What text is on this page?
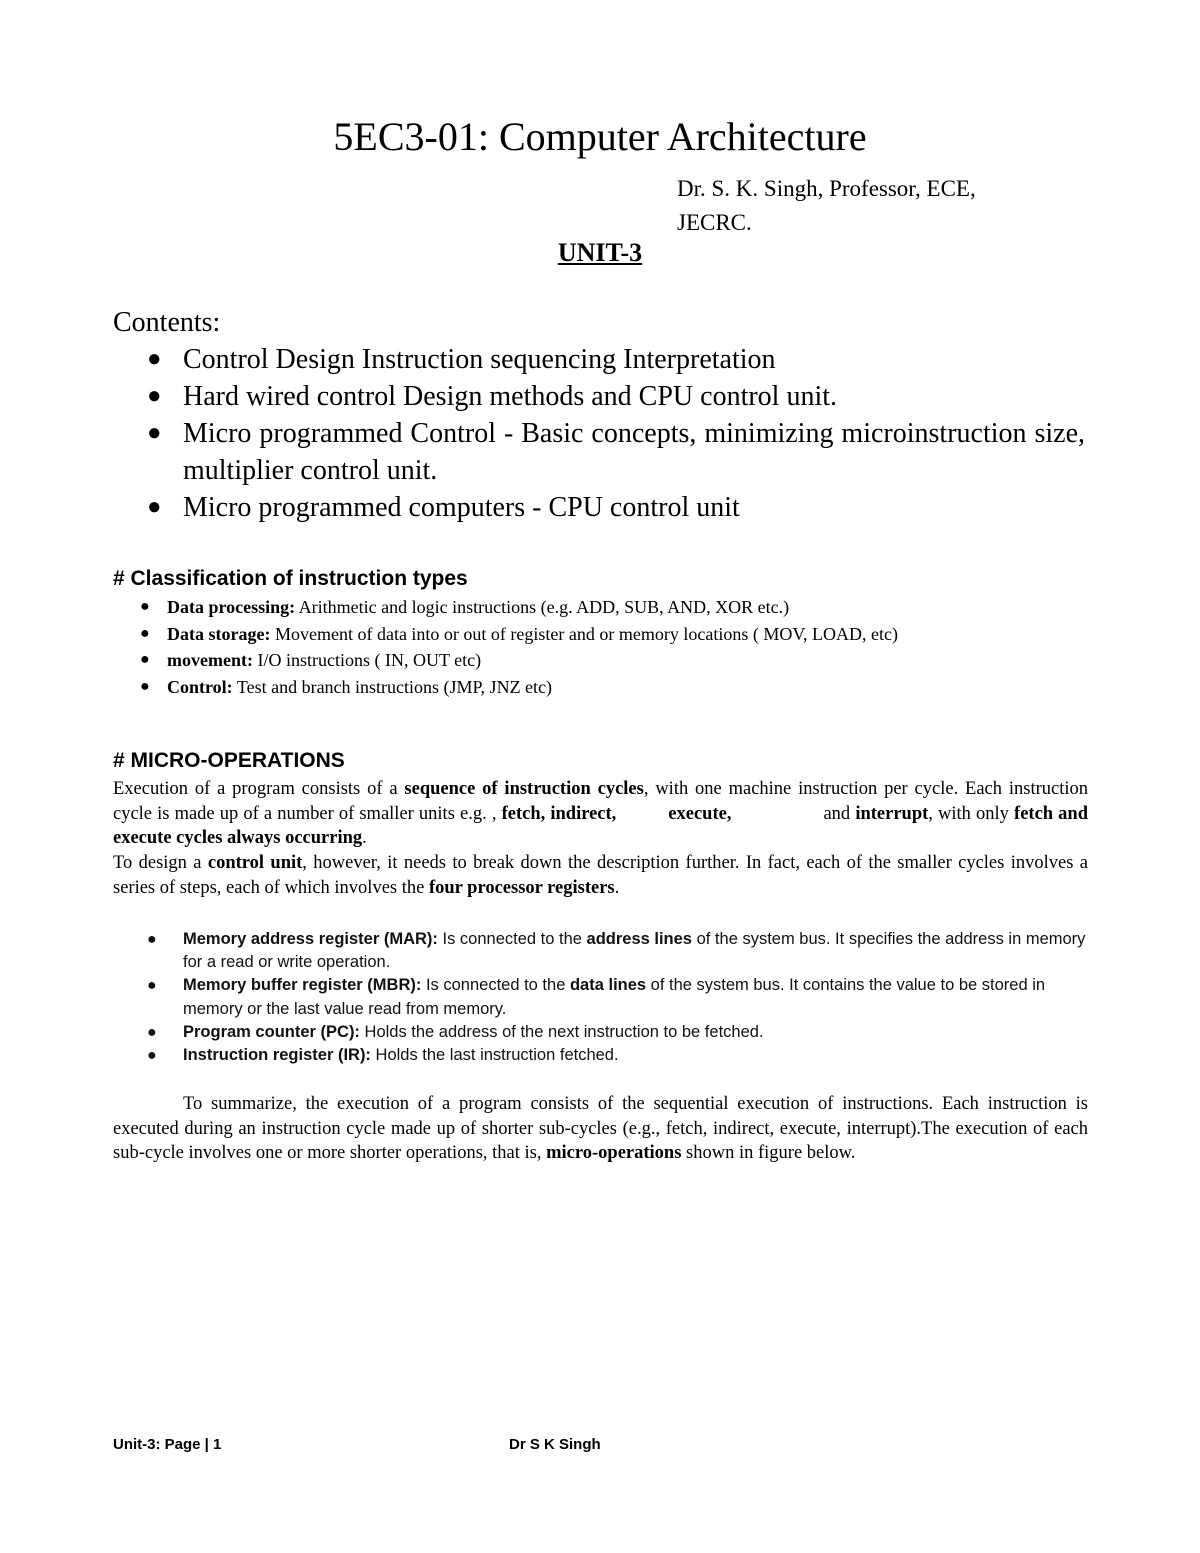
5EC3-01: Computer Architecture
Dr. S. K. Singh, Professor, ECE,
JECRC.
UNIT-3
Contents:
● Control Design Instruction sequencing Interpretation
● Hard wired control Design methods and CPU control unit.
● Micro programmed Control - Basic concepts, minimizing microinstruction size, multiplier control unit.
● Micro programmed computers - CPU control unit
# Classification of instruction types
● Data processing: Arithmetic and logic instructions (e.g. ADD, SUB, AND, XOR etc.)
● Data storage: Movement of data into or out of register and or memory locations ( MOV, LOAD, etc)
● movement: I/O instructions ( IN, OUT etc)
● Control: Test and branch instructions (JMP, JNZ etc)
# MICRO-OPERATIONS
Execution of a program consists of a sequence of instruction cycles, with one machine instruction per cycle. Each instruction cycle is made up of a number of smaller units e.g. , fetch, indirect,	execute,	and interrupt, with only fetch and execute cycles always occurring.
To design a control unit, however, it needs to break down the description further. In fact, each of the smaller cycles involves a series of steps, each of which involves the four processor registers.
● Memory address register (MAR): Is connected to the address lines of the system bus. It specifies the address in memory for a read or write operation.
● Memory buffer register (MBR): Is connected to the data lines of the system bus. It contains the value to be stored in memory or the last value read from memory.
● Program counter (PC): Holds the address of the next instruction to be fetched.
● Instruction register (IR): Holds the last instruction fetched.
To summarize, the execution of a program consists of the sequential execution of instructions. Each instruction is executed during an instruction cycle made up of shorter sub-cycles (e.g., fetch, indirect, execute, interrupt).The execution of each sub-cycle involves one or more shorter operations, that is, micro-operations shown in figure below.
Unit-3: Page | 1	Dr S K Singh
